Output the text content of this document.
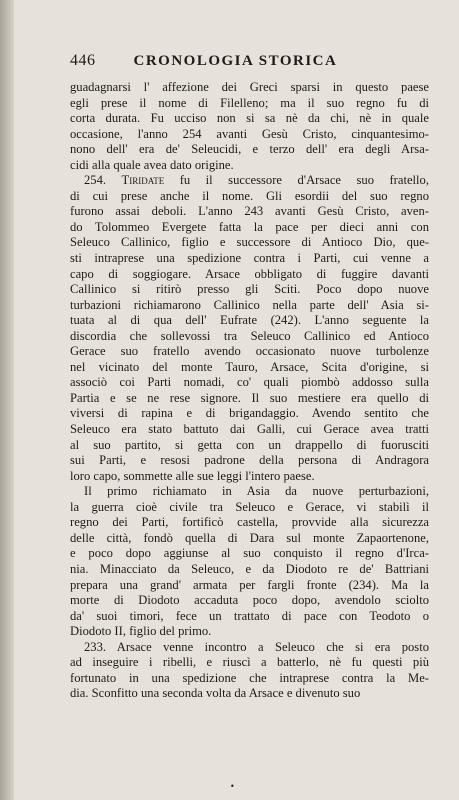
446	CRONOLOGIA STORICA
guadagnarsi l' affezione dei Greci sparsi in questo paese
egli prese il nome di Filelleno; ma il suo regno fu di
corta durata. Fu ucciso non si sa nè da chi, nè in quale
occasione, l'anno 254 avanti Gesù Cristo, cinquantesimo-
nono dell' era de' Seleucidi, e terzo dell' era degli Arsa-
cidi alla quale avea dato origine.
254. Tiridate fu il successore d'Arsace suo fratello,
di cui prese anche il nome. Gli esordii del suo regno
furono assai deboli. L'anno 243 avanti Gesù Cristo, aven-
do Tolommeo Evergete fatta la pace per dieci anni con
Seleuco Callinico, figlio e successore di Antioco Dio, que-
sti intraprese una spedizione contra i Parti, cui venne a
capo di soggiogare. Arsace obbligato di fuggire davanti
Callinico si ritirò presso gli Sciti. Poco dopo nuove
turbazioni richiamarono Callinico nella parte dell' Asia si-
tuata al di qua dell' Eufrate (242). L'anno seguente la
discordia che sollevossi tra Seleuco Callinico ed Antioco
Gerace suo fratello avendo occasionato nuove turbolenze
nel vicinato del monte Tauro, Arsace, Scita d'origine, si
associò coi Parti nomadi, co' quali piombò addosso sulla
Partia e se ne rese signore. Il suo mestiere era quello di
viversi di rapina e di brigandaggio. Avendo sentito che
Seleuco era stato battuto dai Galli, cui Gerace avea tratti
al suo partito, si getta con un drappello di fuorusciti
sui Parti, e resosi padrone della persona di Andragora
loro capo, sommette alle sue leggi l'intero paese.
Il primo richiamato in Asia da nuove perturbazioni,
la guerra cioè civile tra Seleuco e Gerace, vi stabilì il
regno dei Parti, fortificò castella, provvide alla sicurezza
delle città, fondò quella di Dara sul monte Zapaortenone,
e poco dopo aggiunse al suo conquisto il regno d'Irca-
nia. Minacciato da Seleuco, e da Diodoto re de' Battriani
prepara una grand' armata per fargli fronte (234). Ma la
morte di Diodoto accaduta poco dopo, avendolo sciolto
da' suoi timori, fece un trattato di pace con Teodoto o
Diodoto II, figlio del primo.
233. Arsace venne incontro a Seleuco che si era posto
ad inseguire i ribelli, e riuscì a batterlo, nè fu questi più
fortunato in una spedizione che intraprese contra la Me-
dia. Sconfitto una seconda volta da Arsace e divenuto suo
•
